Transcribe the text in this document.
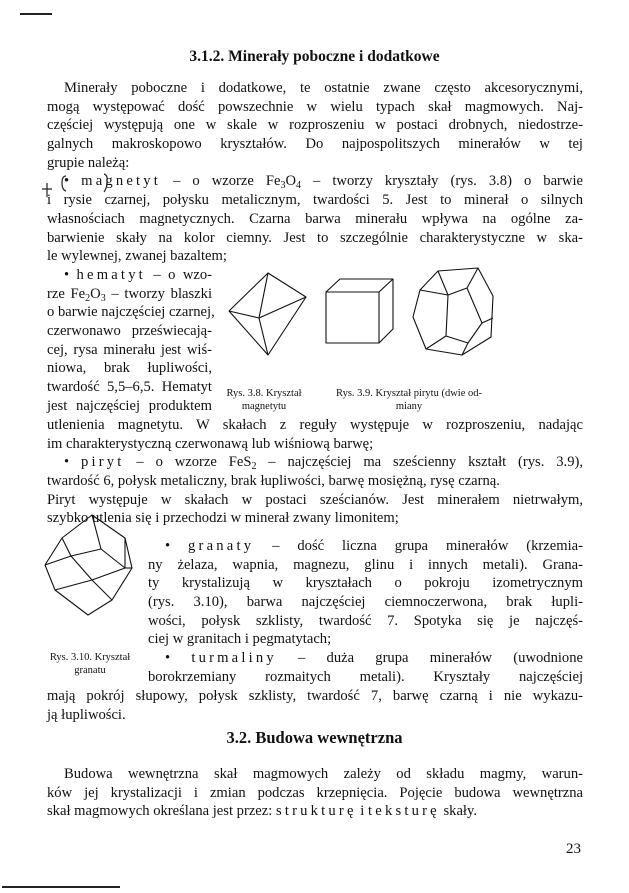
3.1.2. Minerały poboczne i dodatkowe
Minerały poboczne i dodatkowe, te ostatnie zwane często akcesorycznymi,
mogą występować dość powszechnie w wielu typach skał magmowych. Naj-
częściej występują one w skale w rozproszeniu w postaci drobnych, niedostrze-
galnych makroskopowo kryształów. Do najpospolitszych minerałów w tej
grupie należą:
• magnetyt – o wzorze $Fe_3O_4$ – tworzy kryształy (rys. 3.8) o barwie
i rysie czarnej, połysku metalicznym, twardości 5. Jest to minerał o silnych
własnościach magnetycznych. Czarna barwa minerału wpływa na ogólne za-
barwienie skały na kolor ciemny. Jest to szczególnie charakterystyczne w ska-
le wylewnej, zwanej bazaltem;
• hematyt – o wzo-
rze $Fe_2O_3$ – tworzy blaszki
o barwie najczęściej czarnej,
czerwonawo przeświecają-
cej, rysa minerału jest wiś-
niowa, brak łupliwości,
twardość 5,5–6,5. Hematyt
jest najczęściej produktem
utlenienia magnetytu. W skałach z reguły występuje w rozproszeniu, nadając
im charakterystyczną czerwonawą lub wiśniową barwę;
• piryt – o wzorze FeS$_2$ – najczęściej ma sześcienny kształt (rys. 3.9),
twardość 6, połysk metaliczny, brak łupliwości, barwę mosiężną, rysę czarną.
Piryt występuje w skałach w postaci sześcianów. Jest minerałem nietrwałym,
szybko utlenia się i przechodzi w minerał zwany limonitem;
• granaty – dość liczna grupa minerałów (krzemia-
ny żelaza, wapnia, magnezu, glinu i innych metali). Grana-
ty krystalizują w kryształach o pokroju izometrycznym
(rys. 3.10), barwa najczęściej ciemnoczerwona, brak łupli-
wości, połysk szklisty, twardość 7. Spotyka się je najczęś-
ciej w granitach i pegmatytach;
• turmaliny – duża grupa minerałów (uwodnione
borokrzemiany rozmaitych metali). Kryształy najczęściej
mają pokrój słupowy, połysk szklisty, twardość 7, barwę czarną i nie wykazu-
ją łupliwości.
3.2. Budowa wewnętrzna
Budowa wewnętrzna skał magmowych zależy od składu magmy, warun-
ków jej krystalizacji i zmian podczas krzepnięcia. Pojęcie budowa wewnętrzna
skał magmowych określana jest przez: strukturę i teksturę skały.
Rys. 3.8. Kryształ
magnetytu
Rys. 3.9. Kryształ pirytu (dwie od-
miany
Rys. 3.10. Kryształ
granatu
23
